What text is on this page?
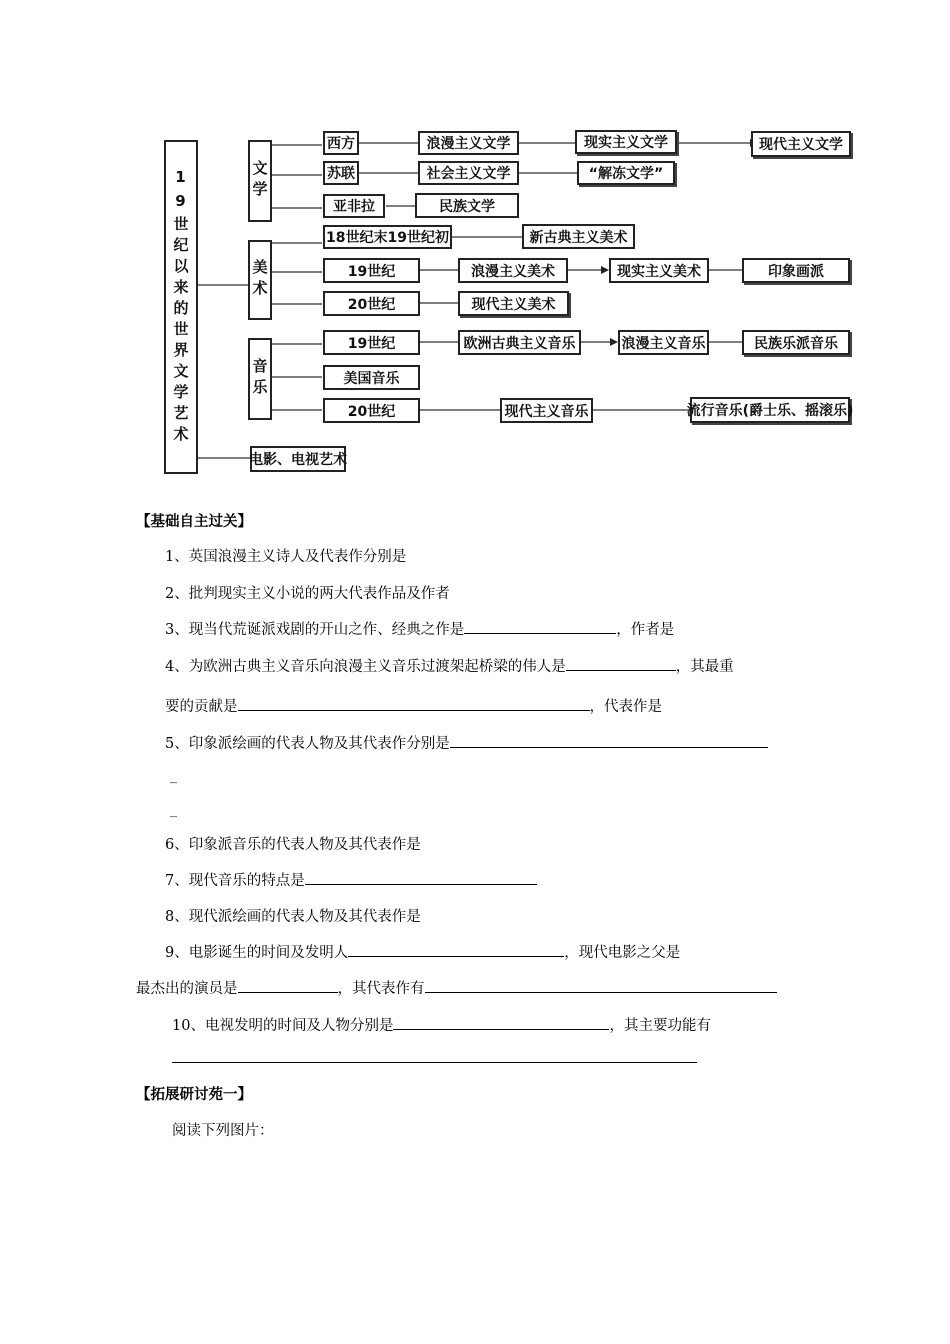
19世纪以来的世界文学艺术	文学
美术
音乐
电影、电视艺术
西方	浪漫主义文学	现实主义文学	现代主义文学
苏联	社会主义文学	“解冻文学”
亚非拉	民族文学
18世纪末19世纪初	新古典主义美术
19世纪	浪漫主义美术	现实主义美术	印象画派
20世纪	现代主义美术
19世纪	欧洲古典主义音乐	浪漫主义音乐	民族乐派音乐
美国音乐
20世纪	现代主义音乐	流行音乐(爵士乐、摇滚乐)
【基础自主过关】
1、英国浪漫主义诗人及代表作分别是
2、批判现实主义小说的两大代表作品及作者
3、现当代荒诞派戏剧的开山之作、经典之作是	，作者是
4、为欧洲古典主义音乐向浪漫主义音乐过渡架起桥梁的伟人是	，其最重
要的贡献是	，代表作是
5、印象派绘画的代表人物及其代表作分别是
_
_
6、印象派音乐的代表人物及其代表作是
7、现代音乐的特点是
8、现代派绘画的代表人物及其代表作是
9、电影诞生的时间及发明人	，现代电影之父是
最杰出的演员是	，其代表作有
10、电视发明的时间及人物分别是	，其主要功能有
【拓展研讨苑一】
阅读下列图片：
